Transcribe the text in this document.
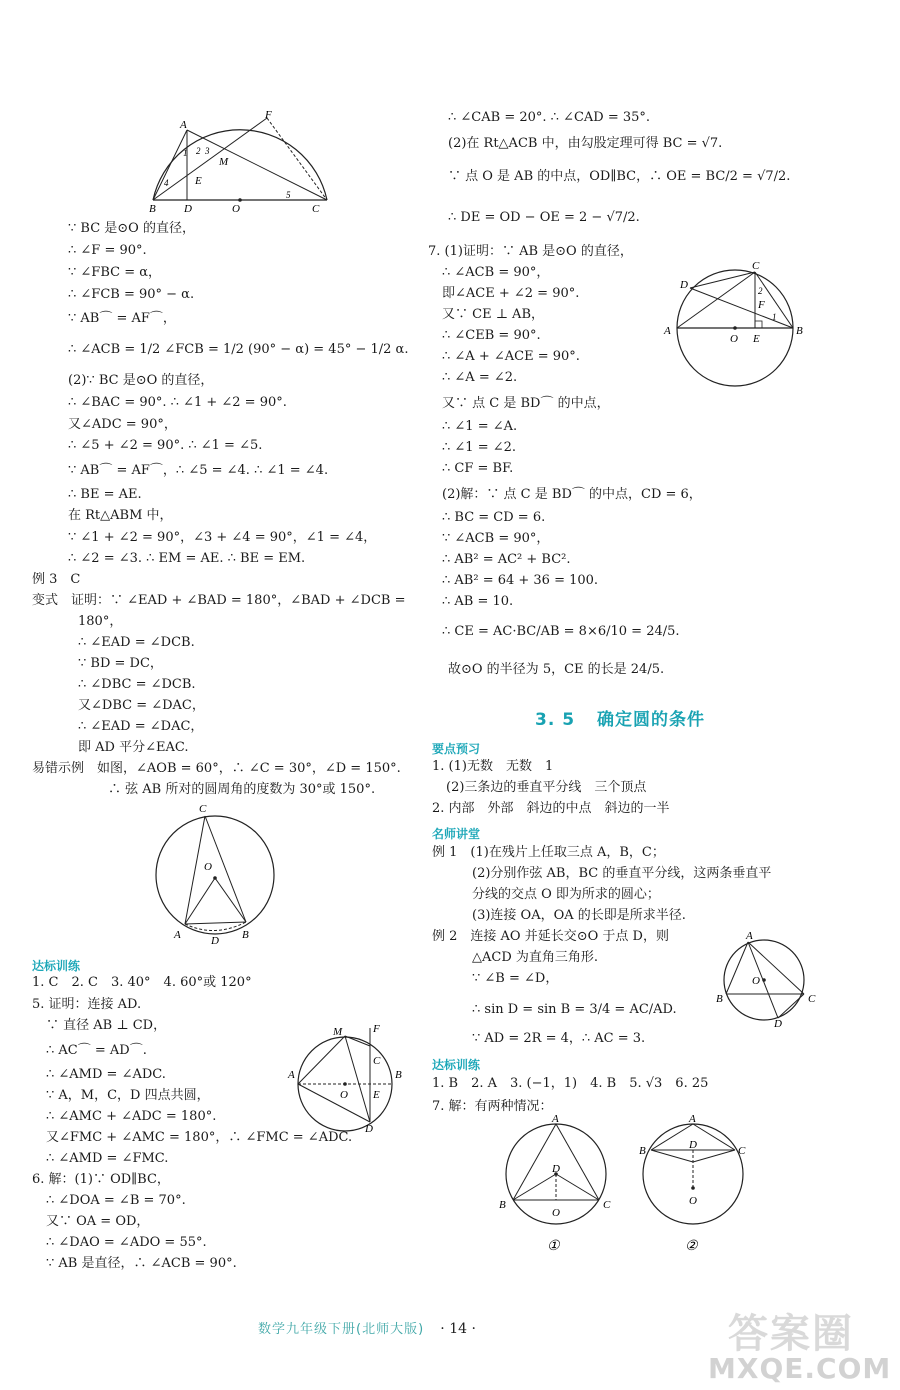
A
F
M
E
B	D	O	C
1 2 3
4
5
∵ BC 是⊙O 的直径，
∴ ∠F = 90°.
∵ ∠FBC = α，
∴ ∠FCB = 90° − α.
∵ AB⌒ = AF⌒，
∴ ∠ACB = 1/2 ∠FCB = 1/2 (90° − α) = 45° − 1/2 α.
(2)∵ BC 是⊙O 的直径，
∴ ∠BAC = 90°. ∴ ∠1 + ∠2 = 90°.
又∠ADC = 90°，
∴ ∠5 + ∠2 = 90°. ∴ ∠1 = ∠5.
∵ AB⌒ = AF⌒，∴ ∠5 = ∠4. ∴ ∠1 = ∠4.
∴ BE = AE.
在 Rt△ABM 中，
∵ ∠1 + ∠2 = 90°，∠3 + ∠4 = 90°，∠1 = ∠4，
∴ ∠2 = ∠3. ∴ EM = AE. ∴ BE = EM.
例 3　C
变式　证明：∵ ∠EAD + ∠BAD = 180°，∠BAD + ∠DCB =
180°，
∴ ∠EAD = ∠DCB.
∵ BD = DC，
∴ ∠DBC = ∠DCB.
又∠DBC = ∠DAC，
∴ ∠EAD = ∠DAC，
即 AD 平分∠EAC.
易错示例　如图，∠AOB = 60°，∴ ∠C = 30°，∠D = 150°.
∴ 弦 AB 所对的圆周角的度数为 30°或 150°.
达标训练
1. C　2. C　3. 40°　4. 60°或 120°
5. 证明：连接 AD.
∵ 直径 AB ⊥ CD，
∴ AC⌒ = AD⌒.
∴ ∠AMD = ∠ADC.
∵ A，M，C，D 四点共圆，
∴ ∠AMC + ∠ADC = 180°.
又∠FMC + ∠AMC = 180°，∴ ∠FMC = ∠ADC.
∴ ∠AMD = ∠FMC.
6. 解：(1)∵ OD∥BC，
∴ ∠DOA = ∠B = 70°.
又∵ OA = OD，
∴ ∠DAO = ∠ADO = 55°.
∵ AB 是直径，∴ ∠ACB = 90°.
C
O
A	B
D
F
M
C
A
O E
B
D
∴ ∠CAB = 20°. ∴ ∠CAD = 35°.
(2)在 Rt△ACB 中，由勾股定理可得 BC = √7.
∵ 点 O 是 AB 的中点，OD∥BC，∴ OE = BC/2 = √7/2.
∴ DE = OD − OE = 2 − √7/2.
7. (1)证明：∵ AB 是⊙O 的直径，
∴ ∠ACB = 90°，
即∠ACE + ∠2 = 90°.
又∵ CE ⊥ AB，
∴ ∠CEB = 90°.
∴ ∠A + ∠ACE = 90°.
∴ ∠A = ∠2.
又∵ 点 C 是 BD⌒ 的中点，
∴ ∠1 = ∠A.
∴ ∠1 = ∠2.
∴ CF = BF.
(2)解：∵ 点 C 是 BD⌒ 的中点，CD = 6，
∴ BC = CD = 6.
∵ ∠ACB = 90°，
∴ AB² = AC² + BC².
∴ AB² = 64 + 36 = 100.
∴ AB = 10.
∴ CE = AC·BC/AB = 8×6/10 = 24/5.
故⊙O 的半径为 5，CE 的长是 24/5.
要点预习
1. (1)无数　无数　1
(2)三条边的垂直平分线　三个顶点
2. 内部　外部　斜边的中点　斜边的一半
名师讲堂
例 1　(1)在残片上任取三点 A，B，C；
(2)分别作弦 AB，BC 的垂直平分线，这两条垂直平
分线的交点 O 即为所求的圆心；
(3)连接 OA，OA 的长即是所求半径.
例 2　连接 AO 并延长交⊙O 于点 D，则
△ACD 为直角三角形.
∵ ∠B = ∠D，
∴ sin D = sin B = 3/4 = AC/AD.
∵ AD = 2R = 4，∴ AC = 3.
达标训练
1. B　2. A　3. (−1，1)　4. B　5. √3　6. 25
7. 解：有两种情况：
3. 5 确定圆的条件
C
D
A
O E
F
B
2
1
A
O
B	C
D
A
D
B	C
O
①
A
B	C
D
O
②
数学九年级下册(北师大版) · 14 ·	答案圈
MXQE.COM
